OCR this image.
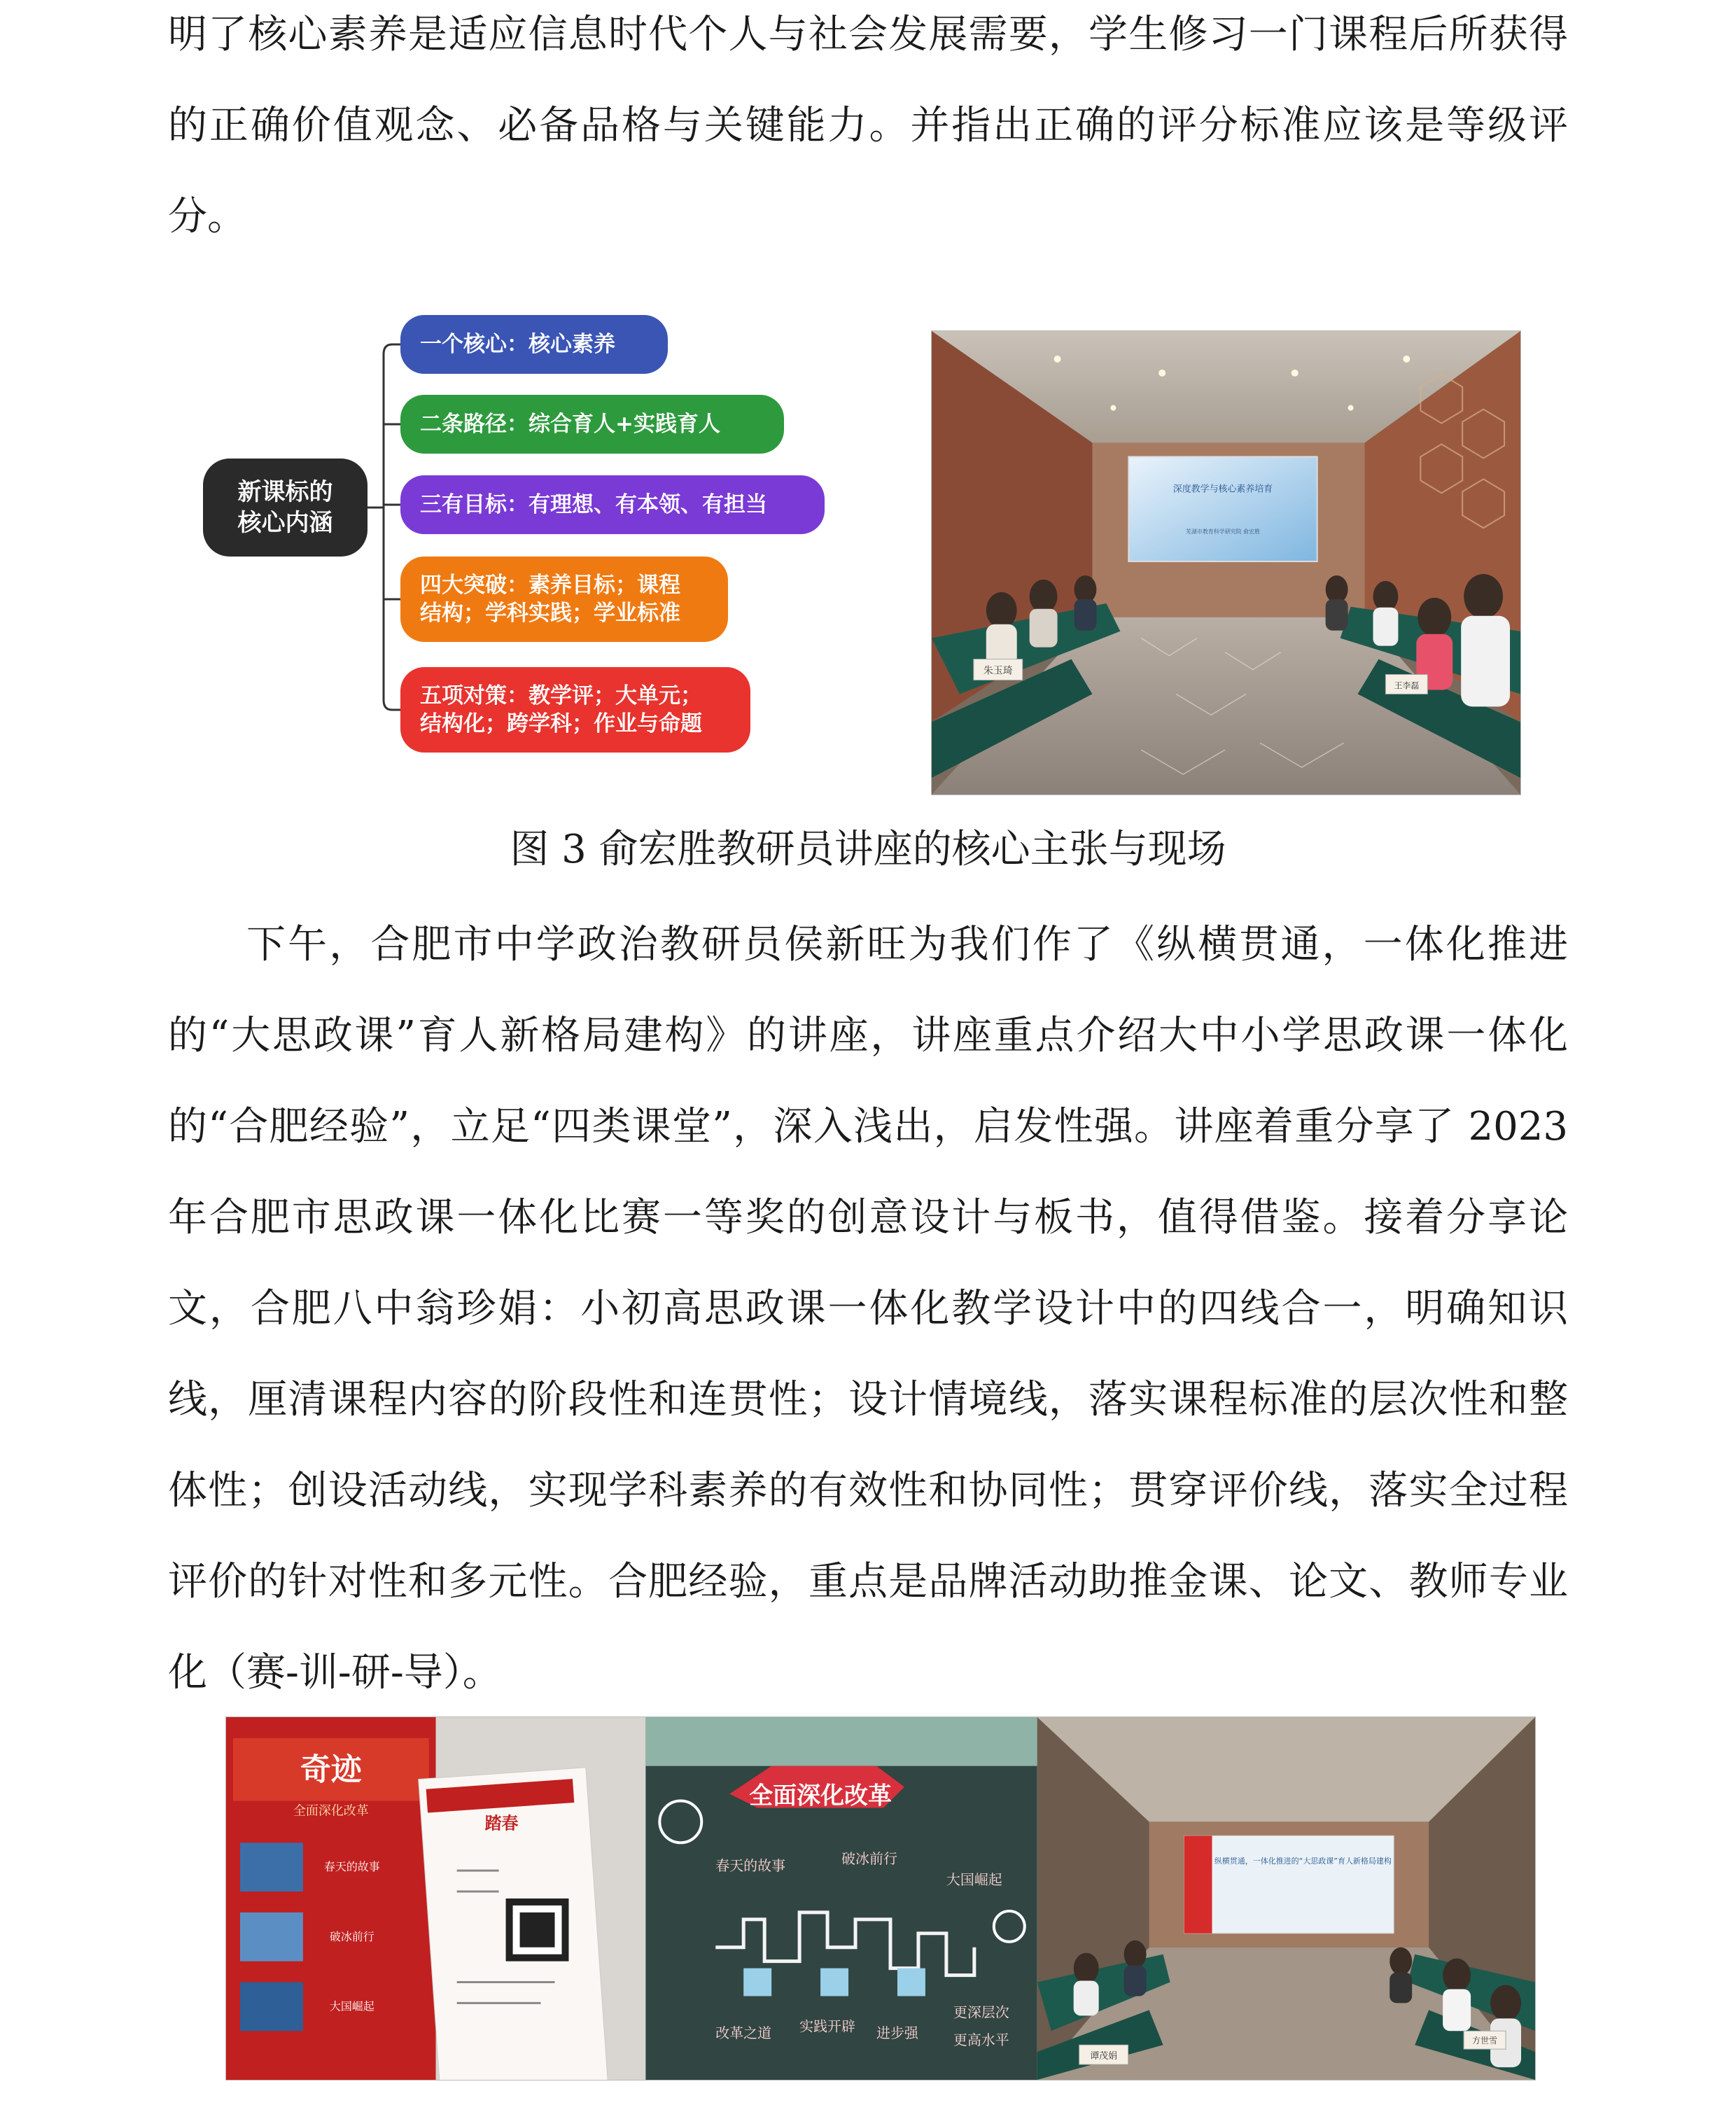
明了核心素养是适应信息时代个人与社会发展需要，学生修习一门课程后所获得的正确价值观念、必备品格与关键能力。并指出正确的评分标准应该是等级评分。

新课标的
核心内涵
一个核心：核心素养
二条路径：综合育人+实践育人
三有目标：有理想、有本领、有担当
四大突破：素养目标；课程
结构；学科实践；学业标准
五项对策：教学评；大单元；
结构化；跨学科；作业与命题
深度教学与核心素养培育
芜湖市教育科学研究院 俞宏胜
朱玉琦
王李磊
图 3 俞宏胜教研员讲座的核心主张与现场

下午，合肥市中学政治教研员侯新旺为我们作了《纵横贯通，一体化推进的“大思政课”育人新格局建构》的讲座，讲座重点介绍大中小学思政课一体化的“合肥经验”，立足“四类课堂”，深入浅出，启发性强。讲座着重分享了 2023 年合肥市思政课一体化比赛一等奖的创意设计与板书，值得借鉴。接着分享论文，合肥八中翁珍娟：小初高思政课一体化教学设计中的四线合一，明确知识线，厘清课程内容的阶段性和连贯性；设计情境线，落实课程标准的层次性和整体性；创设活动线，实现学科素养的有效性和协同性；贯穿评价线，落实全过程评价的针对性和多元性。合肥经验，重点是品牌活动助推金课、论文、教师专业化（赛-训-研-导）。

奇迹
全面深化改革
春天的故事
破冰前行
大国崛起
踏春
全面深化改革
春天的故事	破冰前行
大国崛起
改革之道 实践开辟 进步强
更深层次
更高水平
纵横贯通，一体化推进的“大思政课”育人新格局建构
谭茂娟
方世雪
